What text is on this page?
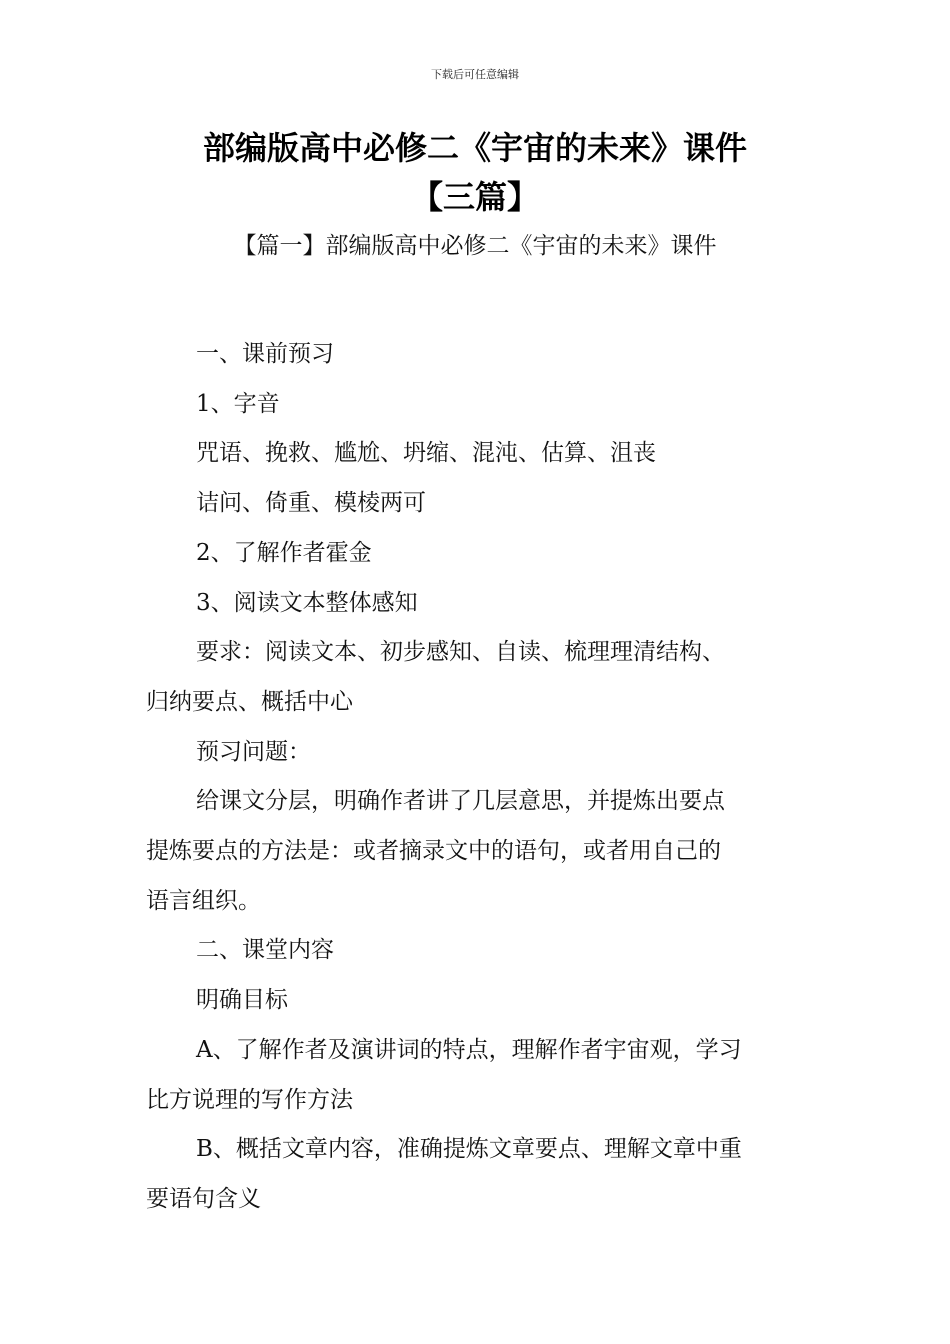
下载后可任意编辑
部编版高中必修二《宇宙的未来》课件
【三篇】
【篇一】部编版高中必修二《宇宙的未来》课件

一、课前预习

1、字音

咒语、挽救、尴尬、坍缩、混沌、估算、沮丧

诘问、倚重、模棱两可

2、了解作者霍金

3、阅读文本整体感知

要求：阅读文本、初步感知、自读、梳理理清结构、

归纳要点、概括中心

预习问题：

给课文分层，明确作者讲了几层意思，并提炼出要点

提炼要点的方法是：或者摘录文中的语句，或者用自己的

语言组织。

二、课堂内容

明确目标

A、了解作者及演讲词的特点，理解作者宇宙观，学习

比方说理的写作方法

B、概括文章内容，准确提炼文章要点、理解文章中重

要语句含义
